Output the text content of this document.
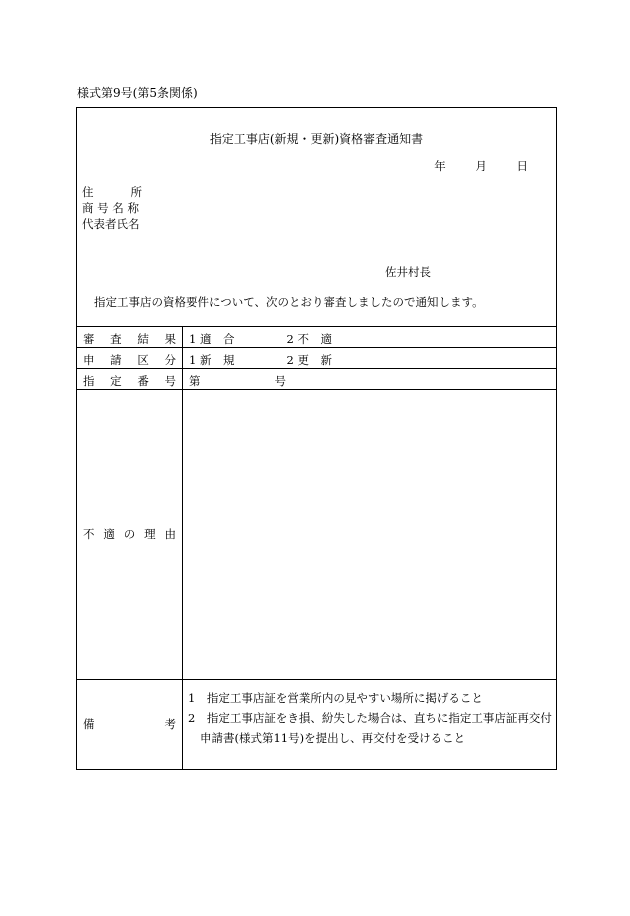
様式第9号(第5条関係)
指定工事店(新規・更新)資格審査通知書
年	月	日
住	所
商 号 名 称
代表者氏名
佐井村長
指定工事店の資格要件について、次のとおり審査しましたので通知します。
審 査 結 果 1 適　合	2 不　適
申 請 区 分 1 新　規	2 更　新
指 定 番 号 第	号
不 適 の 理 由
備	考
1　指定工事店証を営業所内の見やすい場所に掲げること
2　指定工事店証をき損、紛失した場合は、直ちに指定工事店証再交付申請書(様式第11号)を提出し、再交付を受けること
